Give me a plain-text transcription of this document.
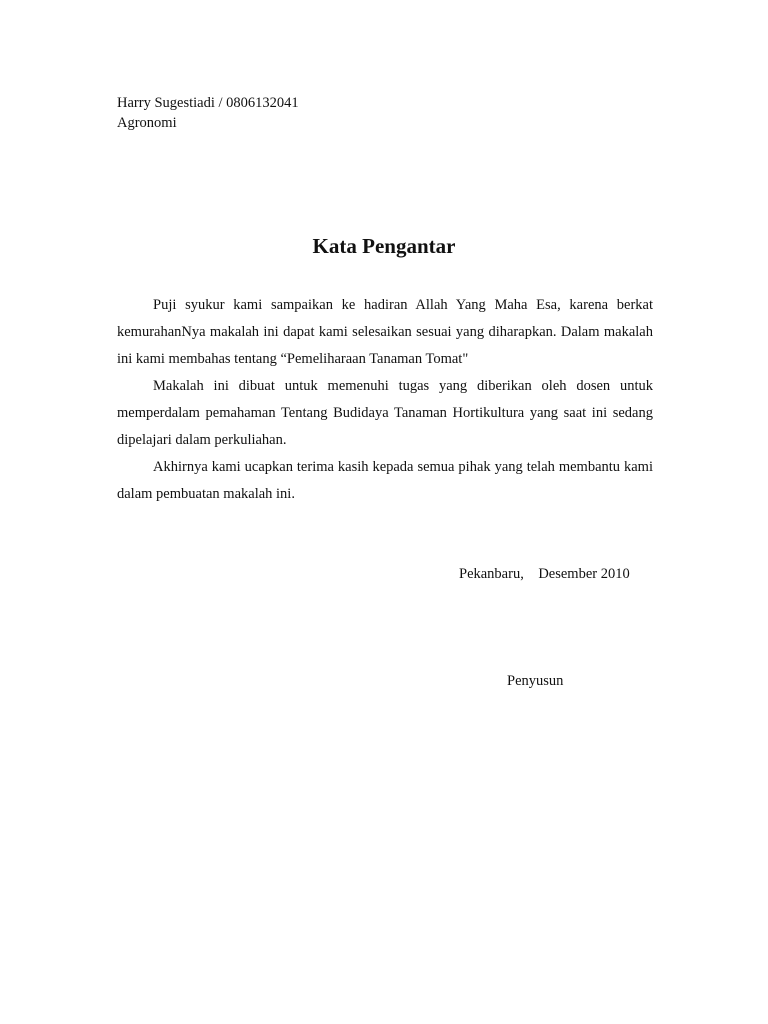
Harry Sugestiadi / 0806132041
Agronomi
Kata Pengantar

Puji syukur kami sampaikan ke hadiran Allah Yang Maha Esa, karena berkat kemurahanNya makalah ini dapat kami selesaikan sesuai yang diharapkan. Dalam makalah ini kami membahas tentang “Pemeliharaan Tanaman Tomat"

Makalah ini dibuat untuk memenuhi tugas yang diberikan oleh dosen untuk memperdalam pemahaman Tentang Budidaya Tanaman Hortikultura yang saat ini sedang dipelajari dalam perkuliahan.

Akhirnya kami ucapkan terima kasih kepada semua pihak yang telah membantu kami dalam pembuatan makalah ini.

Pekanbaru,    Desember 2010
Penyusun
